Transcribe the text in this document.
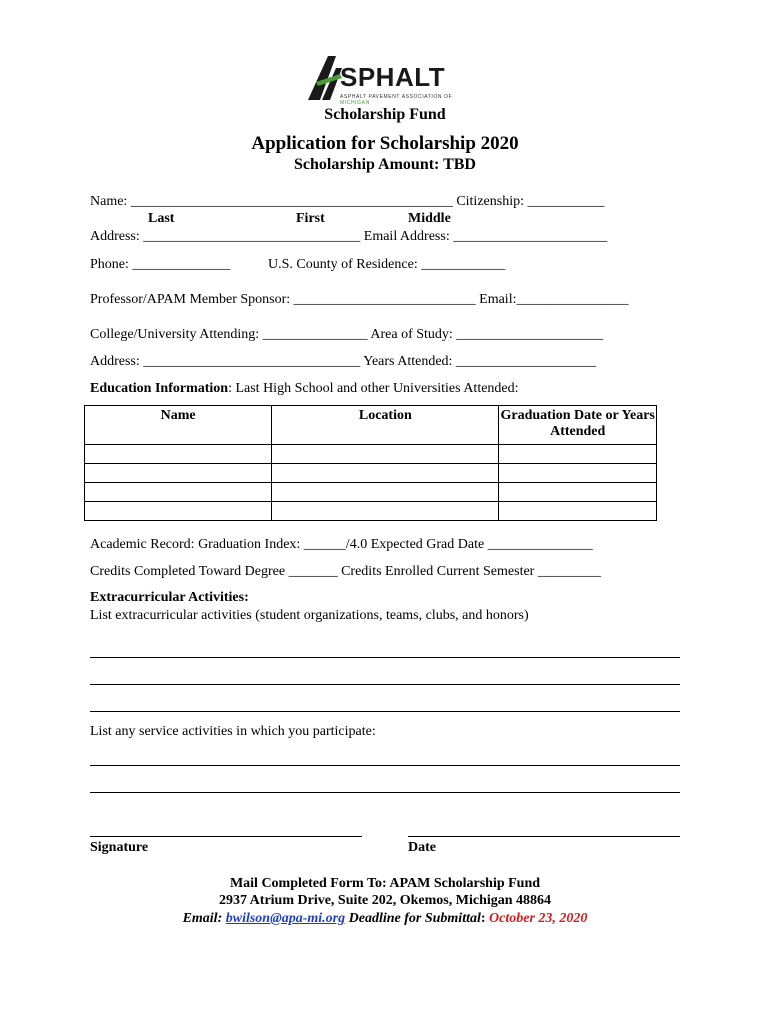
SPHALT
ASPHALT PAVEMENT ASSOCIATION OF MICHIGAN
Scholarship Fund
Application for Scholarship 2020
Scholarship Amount: TBD
Name: ______________________________________________ Citizenship: ___________
Last	First	Middle
Address: _______________________________ Email Address: ______________________
Phone: ______________	U.S. County of Residence: ____________
Professor/APAM Member Sponsor: __________________________ Email:________________
College/University Attending: _______________ Area of Study: _____________________
Address: _______________________________ Years Attended: ____________________
Education Information: Last High School and other Universities Attended:
Name	Location	Graduation Date or Years Attended

Academic Record: Graduation Index: ______/4.0 Expected Grad Date _______________
Credits Completed Toward Degree _______ Credits Enrolled Current Semester _________
Extracurricular Activities:
List extracurricular activities (student organizations, teams, clubs, and honors)
List any service activities in which you participate:
Signature	Date
Mail Completed Form To: APAM Scholarship Fund
2937 Atrium Drive, Suite 202, Okemos, Michigan 48864
Email: bwilson@apa-mi.org Deadline for Submittal: October 23, 2020
